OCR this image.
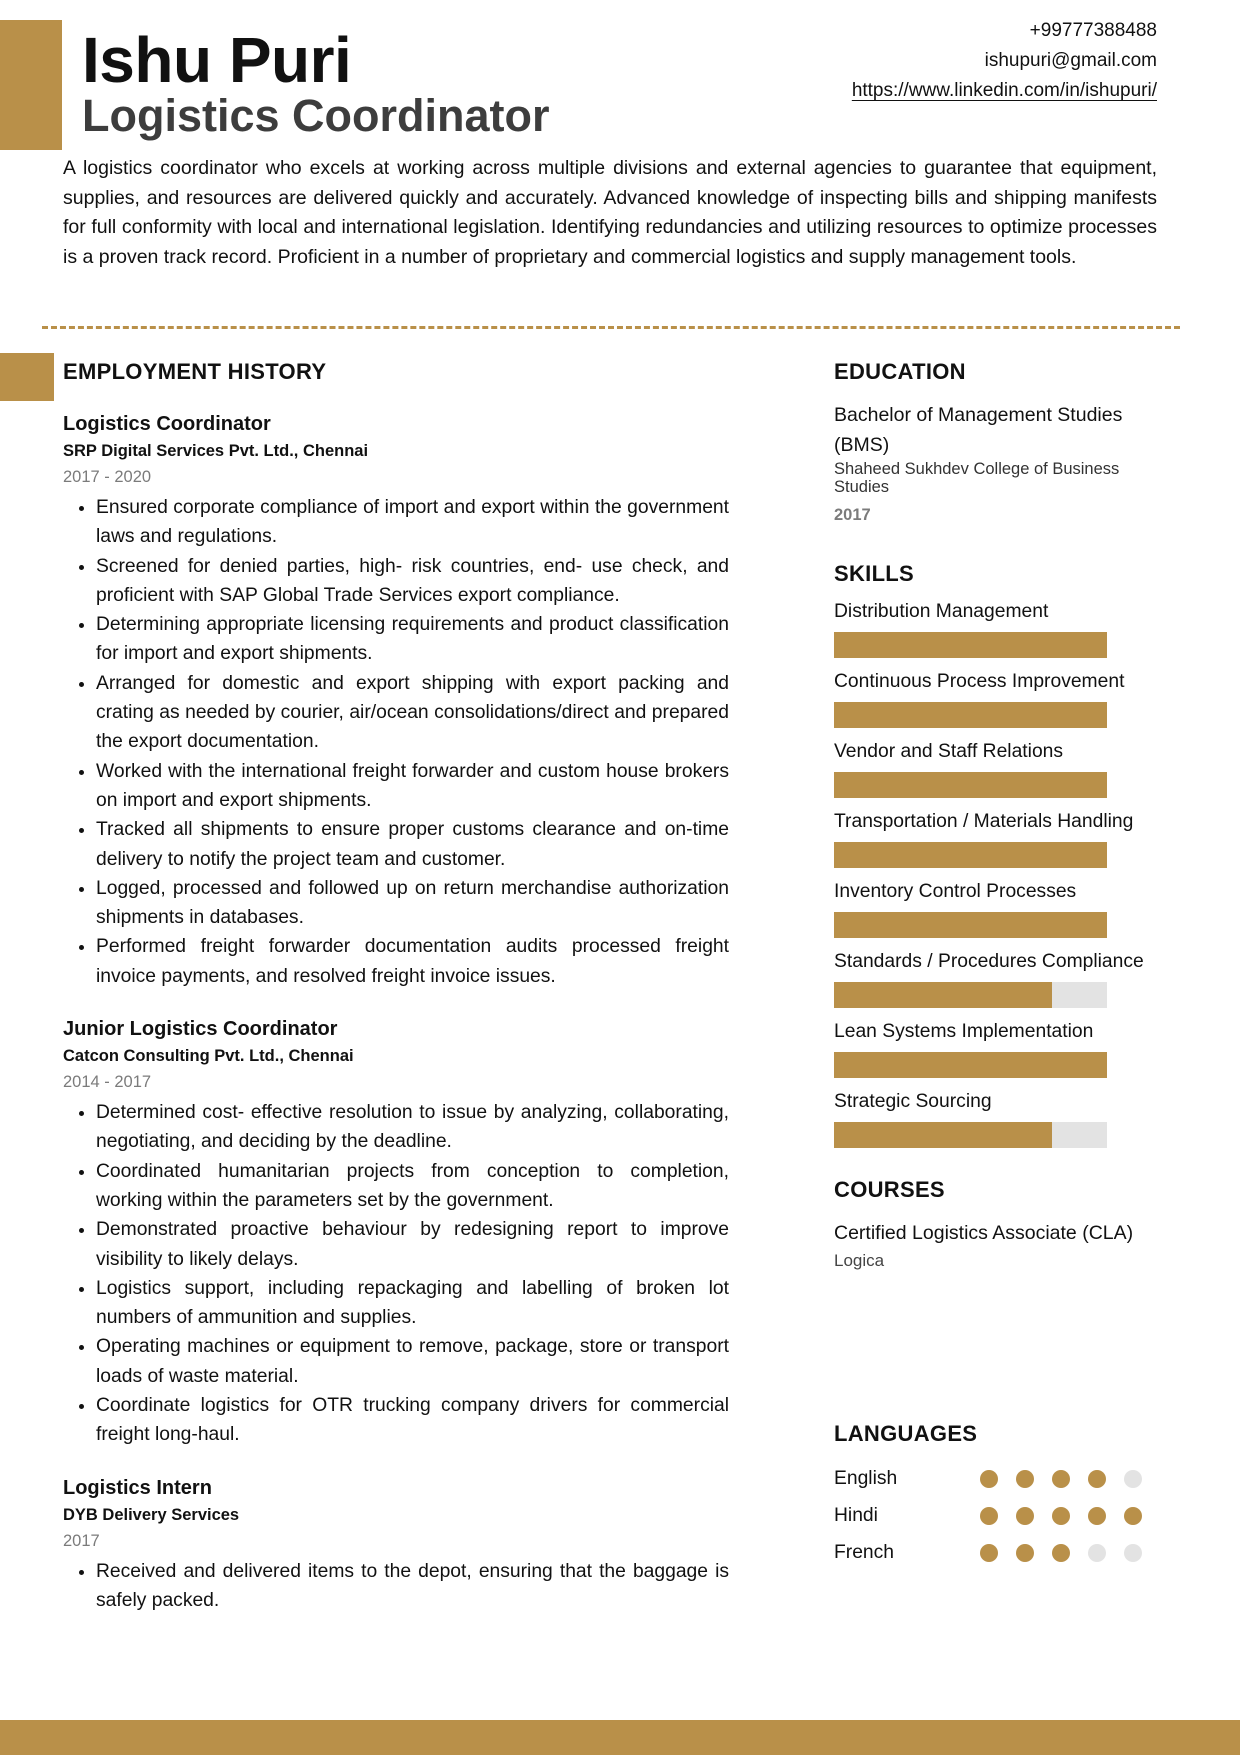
Ishu Puri
Logistics Coordinator
+99777388488
ishupuri@gmail.com
https://www.linkedin.com/in/ishupuri/
A logistics coordinator who excels at working across multiple divisions and external agencies to guarantee that equipment, supplies, and resources are delivered quickly and accurately. Advanced knowledge of inspecting bills and shipping manifests for full conformity with local and international legislation. Identifying redundancies and utilizing resources to optimize processes is a proven track record. Proficient in a number of proprietary and commercial logistics and supply management tools.
EMPLOYMENT HISTORY
Logistics Coordinator
SRP Digital Services Pvt. Ltd., Chennai
2017 - 2020
• Ensured corporate compliance of import and export within the government laws and regulations.
• Screened for denied parties, high- risk countries, end- use check, and proficient with SAP Global Trade Services export compliance.
• Determining appropriate licensing requirements and product classification for import and export shipments.
• Arranged for domestic and export shipping with export packing and crating as needed by courier, air/ocean consolidations/direct and prepared the export documentation.
• Worked with the international freight forwarder and custom house brokers on import and export shipments.
• Tracked all shipments to ensure proper customs clearance and on-time delivery to notify the project team and customer.
• Logged, processed and followed up on return merchandise authorization shipments in databases.
• Performed freight forwarder documentation audits processed freight invoice payments, and resolved freight invoice issues.
Junior Logistics Coordinator
Catcon Consulting Pvt. Ltd., Chennai
2014 - 2017
• Determined cost- effective resolution to issue by analyzing, collaborating, negotiating, and deciding by the deadline.
• Coordinated humanitarian projects from conception to completion, working within the parameters set by the government.
• Demonstrated proactive behaviour by redesigning report to improve visibility to likely delays.
• Logistics support, including repackaging and labelling of broken lot numbers of ammunition and supplies.
• Operating machines or equipment to remove, package, store or transport loads of waste material.
• Coordinate logistics for OTR trucking company drivers for commercial freight long-haul.
Logistics Intern
DYB Delivery Services
2017
• Received and delivered items to the depot, ensuring that the baggage is safely packed.
EDUCATION
Bachelor of Management Studies (BMS)
Shaheed Sukhdev College of Business Studies
2017
SKILLS
Distribution Management
Continuous Process Improvement
Vendor and Staff Relations
Transportation / Materials Handling
Inventory Control Processes
Standards / Procedures Compliance
Lean Systems Implementation
Strategic Sourcing
COURSES
Certified Logistics Associate (CLA)
Logica
LANGUAGES
English
Hindi
French
